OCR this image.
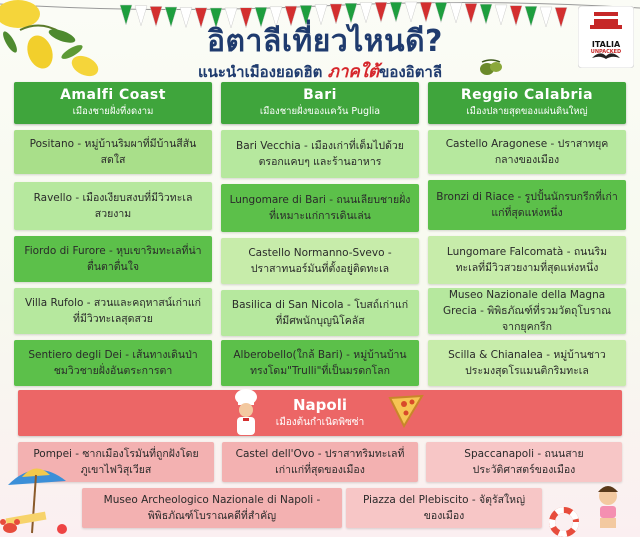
อิตาลีเที่ยวไหนดี?
แนะนำเมืองยอดฮิต ภาคใต้ของอิตาลี
ITALIA
UNPACKED
Amalfi Coast
เมืองชายฝั่งที่งดงาม
Bari
เมืองชายฝั่งของแคว้น Puglia
Reggio Calabria
เมืองปลายสุดของแผ่นดินใหญ่
Positano - หมู่บ้านริมผาที่มีบ้านสีสันสดใส
Ravello - เมืองเงียบสงบที่มีวิวทะเลสวยงาม
Fiordo di Furore - หุบเขาริมทะเลที่น่าตื่นตาตื่นใจ
Villa Rufolo - สวนและคฤหาสน์เก่าแก่ที่มีวิวทะเลสุดสวย
Sentiero degli Dei - เส้นทางเดินป่าชมวิวชายฝั่งอันตระการตา
Bari Vecchia - เมืองเก่าที่เต็มไปด้วยตรอกแคบๆ และร้านอาหาร
Lungomare di Bari - ถนนเลียบชายฝั่งที่เหมาะแก่การเดินเล่น
Castello Normanno-Svevo - ปราสาทนอร์มันที่ตั้งอยู่ติดทะเล
Basilica di San Nicola - โบสถ์เก่าแก่ที่มีศพนักบุญนิโคลัส
Alberobello(ใกล้ Bari) - หมู่บ้านบ้านทรงโดม"Trulli"ที่เป็นมรดกโลก
Castello Aragonese - ปราสาทยุคกลางของเมือง
Bronzi di Riace - รูปปั้นนักรบกรีกที่เก่าแก่ที่สุดแห่งหนึ่ง
Lungomare Falcomatà - ถนนริมทะเลที่มีวิวสวยงามที่สุดแห่งหนึ่ง
Museo Nazionale della Magna Grecia - พิพิธภัณฑ์ที่รวมวัตถุโบราณจากยุคกรีก
Scilla & Chianalea - หมู่บ้านชาวประมงสุดโรแมนติกริมทะเล
Napoli
เมืองต้นกำเนิดพิซซ่า
Pompei - ซากเมืองโรมันที่ถูกฝังโดยภูเขาไฟวิสุเวียส
Castel dell'Ovo - ปราสาทริมทะเลที่เก่าแก่ที่สุดของเมือง
Spaccanapoli - ถนนสายประวัติศาสตร์ของเมือง
Museo Archeologico Nazionale di Napoli - พิพิธภัณฑ์โบราณคดีที่สำคัญ
Piazza del Plebiscito - จัตุรัสใหญ่ของเมือง
